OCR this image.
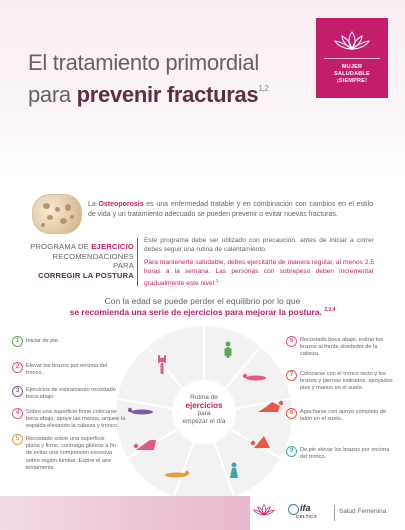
El tratamiento primordial
para prevenir fracturas$^{1,2}$
MUJER
SALUDABLE
¡SIEMPRE!
La Osteoporosis es una enfermedad tratable y en combinación con cambios en el estilo de vida y un tratamiento adecuado se pueden prevenir o evitar nuevas fracturas.
PROGRAMA DE EJERCICIO
RECOMENDACIONES PARA
CORREGIR LA POSTURA
Este programa debe ser utilizado con precaución, antes de iniciar a correr debes seguir una rutina de calentamiento.
Para mantenerte saludable, debes ejercitarte de manera regular, al menos 2.5 horas a la semana. Las personas con sobrepeso deben incrementar gradualmente este nivel.$^1$
Con la edad se puede perder el equilibrio por lo que
se recomienda una serie de ejercicios para mejorar la postura. $^{2,3,4}$
Rutina de
ejercicios
para
empezar el día
1	Iniciar de pie.
2	Elevar los brazos por encima del tronco.
3	Ejercicios de estiramiento recostado boca abajo.
4	Sobre una superficie firme colocarse boca abajo, apoye las manos, arquee la espalda elevando la cabeza y tronco.
5	Recostado sobre una superficie plana y firme, contraiga glúteos a fin de evitar una compresión excesiva sobre región lumbar. Espire el aire lentamente.
6	Recostado boca abajo, estirar los brazos al frente alrededor de la cabeza.
7	Colocarse con el tronco recto y los brazos y piernas estirados, apoyados pies y manos en el suelo.
8	Agacharse con apoyo completo de talón en el suelo.
9	De pie elevar los brazos por encima del tronco.
ifa
CELTICS
Salud Femenina
